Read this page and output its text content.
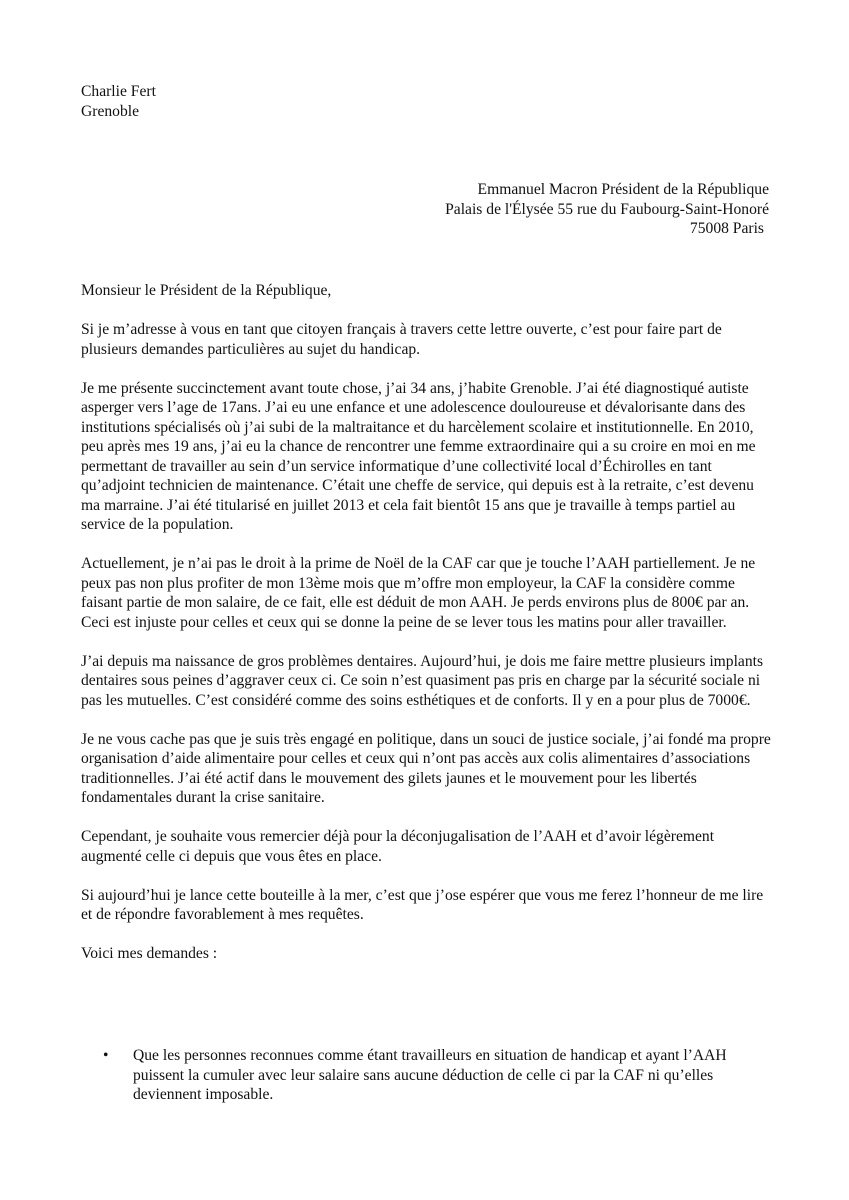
Charlie Fert
Grenoble
Emmanuel Macron Président de la République
Palais de l'Élysée 55 rue du Faubourg-Saint-Honoré
75008 Paris
Monsieur le Président de la République,

Si je m’adresse à vous en tant que citoyen français à travers cette lettre ouverte, c’est pour faire part de plusieurs demandes particulières au sujet du handicap.

Je me présente succinctement avant toute chose, j’ai 34 ans, j’habite Grenoble. J’ai été diagnostiqué autiste asperger vers l’age de 17ans. J’ai eu une enfance et une adolescence douloureuse et dévalorisante dans des institutions spécialisés où j’ai subi de la maltraitance et du harcèlement scolaire et institutionnelle. En 2010, peu après mes 19 ans, j’ai eu la chance de rencontrer une femme extraordinaire qui a su croire en moi en me permettant de travailler au sein d’un service informatique d’une collectivité local d’Échirolles en tant qu’adjoint technicien de maintenance. C’était une cheffe de service, qui depuis est à la retraite, c’est devenu ma marraine. J’ai été titularisé en juillet 2013 et cela fait bientôt 15 ans que je travaille à temps partiel au service de la population.

Actuellement, je n’ai pas le droit à la prime de Noël de la CAF car que je touche l’AAH partiellement. Je ne peux pas non plus profiter de mon 13ème mois que m’offre mon employeur, la CAF la considère comme faisant partie de mon salaire, de ce fait, elle est déduit de mon AAH. Je perds environs plus de 800€ par an. Ceci est injuste pour celles et ceux qui se donne la peine de se lever tous les matins pour aller travailler.

J’ai depuis ma naissance de gros problèmes dentaires. Aujourd’hui, je dois me faire mettre plusieurs implants dentaires sous peines d’aggraver ceux ci. Ce soin n’est quasiment pas pris en charge par la sécurité sociale ni pas les mutuelles. C’est considéré comme des soins esthétiques et de conforts. Il y en a pour plus de 7000€.

Je ne vous cache pas que je suis très engagé en politique, dans un souci de justice sociale, j’ai fondé ma propre organisation d’aide alimentaire pour celles et ceux qui n’ont pas accès aux colis alimentaires d’associations traditionnelles. J’ai été actif dans le mouvement des gilets jaunes et le mouvement pour les libertés fondamentales durant la crise sanitaire.

Cependant, je souhaite vous remercier déjà pour la déconjugalisation de l’AAH et d’avoir légèrement augmenté celle ci depuis que vous êtes en place.

Si aujourd’hui je lance cette bouteille à la mer, c’est que j’ose espérer que vous me ferez l’honneur de me lire et de répondre favorablement à mes requêtes.

Voici mes demandes :

• Que les personnes reconnues comme étant travailleurs en situation de handicap et ayant l’AAH puissent la cumuler avec leur salaire sans aucune déduction de celle ci par la CAF ni qu’elles deviennent imposable.
